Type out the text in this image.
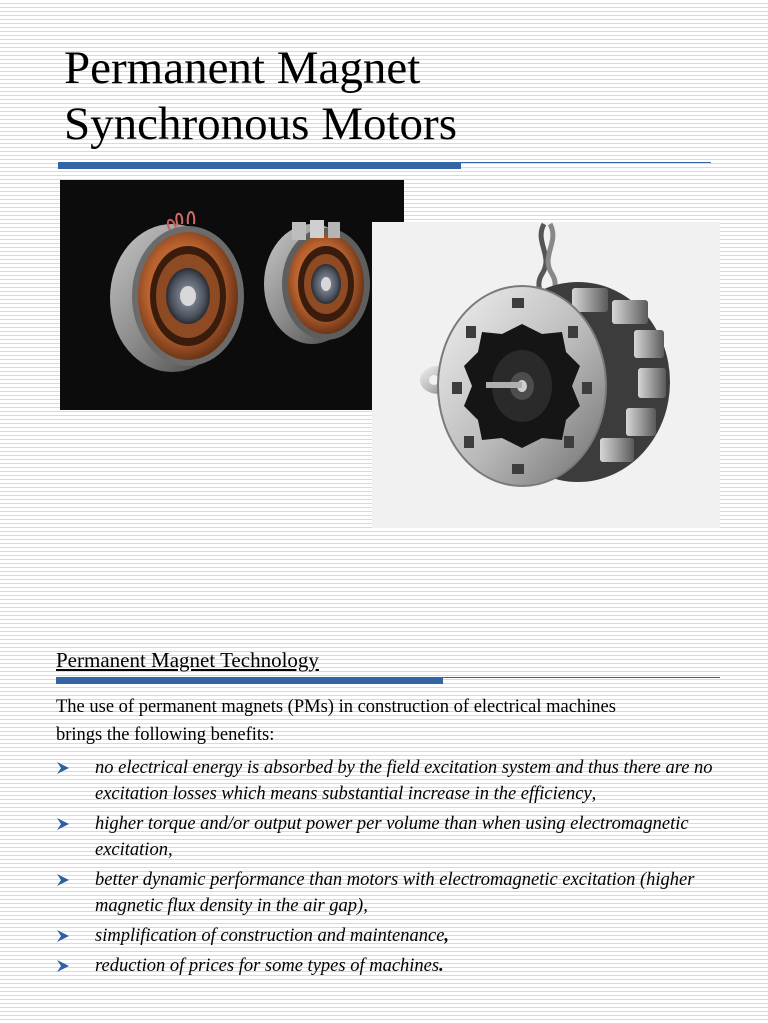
Permanent Magnet
Synchronous Motors
Permanent Magnet Technology

The use of permanent magnets (PMs) in construction of electrical machines
brings the following benefits:

no electrical energy is absorbed by the field excitation system and thus there are no excitation losses which means substantial increase in the efficiency,
higher torque and/or output power per volume than when using electromagnetic excitation,
better dynamic performance than motors with electromagnetic excitation (higher magnetic flux density in the air gap),
simplification of construction and maintenance,
reduction of prices for some types of machines.
